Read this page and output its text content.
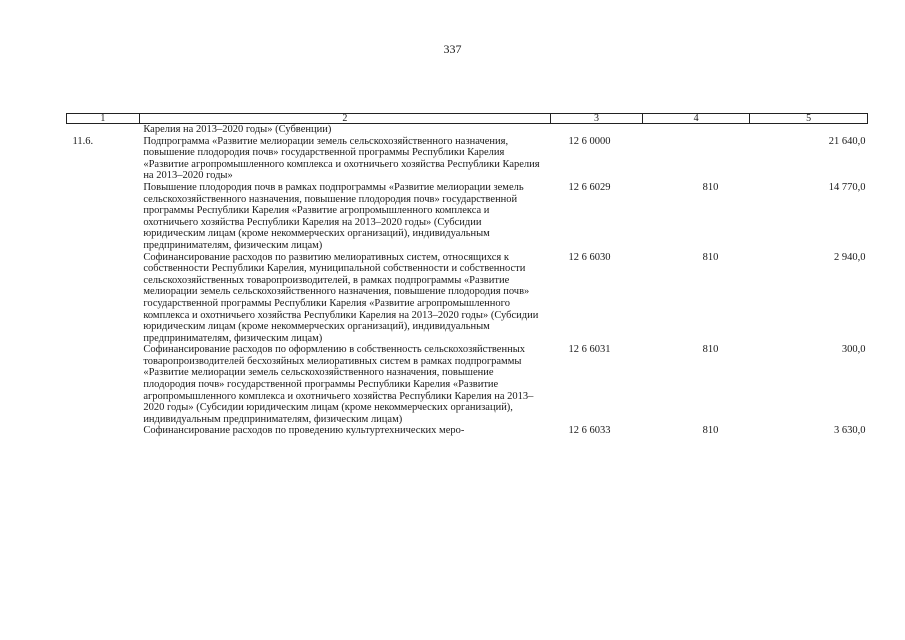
337
1	2	3	4	5
	Карелия на 2013–2020 годы» (Субвенции)			
11.6.	Подпрограмма «Развитие мелиорации земель сельскохозяйственного назначения, повышение плодородия почв» государственной программы Республики Карелия «Развитие агропромышленного комплекса и охотничьего хозяйства Республики Карелия на 2013–2020 годы»	12 6 0000		21 640,0
	Повышение плодородия почв в рамках подпрограммы «Развитие мелиорации земель сельскохозяйственного назначения, повышение плодородия почв» государственной программы Республики Карелия «Развитие агропромышленного комплекса и охотничьего хозяйства Республики Карелия на 2013–2020 годы» (Субсидии юридическим лицам (кроме некоммерческих организаций), индивидуальным предпринимателям, физическим лицам)	12 6 6029	810	14 770,0
	Софинансирование расходов по развитию мелиоративных систем, относящихся к собственности Республики Карелия, муниципальной собственности и собственности сельскохозяйственных товаропроизводителей, в рамках подпрограммы «Развитие мелиорации земель сельскохозяйственного назначения, повышение плодородия почв» государственной программы Республики Карелия «Развитие агропромышленного комплекса и охотничьего хозяйства Республики Карелия на 2013–2020 годы» (Субсидии юридическим лицам (кроме некоммерческих организаций), индивидуальным предпринимателям, физическим лицам)	12 6 6030	810	2 940,0
	Софинансирование расходов по оформлению в собственность сельскохозяйственных товаропроизводителей бесхозяйных мелиоративных систем в рамках подпрограммы «Развитие мелиорации земель сельскохозяйственного назначения, повышение плодородия почв» государственной программы Республики Карелия «Развитие агропромышленного комплекса и охотничьего хозяйства Республики Карелия на 2013–2020 годы» (Субсидии юридическим лицам (кроме некоммерческих организаций), индивидуальным предпринимателям, физическим лицам)	12 6 6031	810	300,0
	Софинансирование расходов по проведению культуртехнических меро-	12 6 6033	810	3 630,0
